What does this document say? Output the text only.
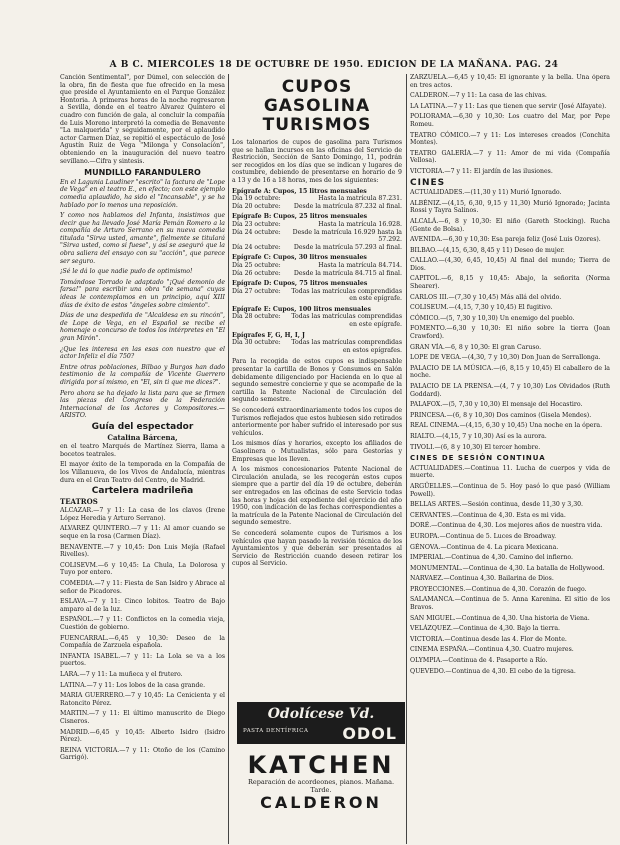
A B C. MIERCOLES 18 DE OCTUBRE DE 1950. EDICION DE LA MAÑANA. PAG. 24

Canción Sentimental", por Dúmel, con selección de la obra, fin de fiesta que fue ofrecido en la mesa que preside el Ayuntamiento en el Parque González Hontoria. A primeras horas de la noche regresaron a Sevilla, donde en el teatro Álvarez Quintero el cuadro con función de gala, al concluir la compañía de Luis Moreno interpretó la comedia de Benavente "La malquerida" y seguidamente, por el aplaudido actor Carmen Díaz, se repitió el espectáculo de José Agustín Ruiz de Vega "Milonga y Consolación", obteniendo en la inauguración del nuevo teatro sevillano.—Cifra y sintesis.

MUNDILLO FARANDULERO

En el Lagunia Laudiner "escrito" la factura de "Lope de Vega" en el teatro E., en efecto; con este ejemplo comedia aplaudido, ha sido el "Incansable", y se ha hablado por lo menos una reposición.

Y como nos hablamos del Infanta, insistimos que decir que ha llevado José María Pemán Romero a la compañía de Arturo Serrano en su nueva comedia titulada "Sirva usted, amante", fielmente se titulará "Sirva usted, como si fuese", y así se aseguró que la obra saliera del ensayo con su "acción", que parece ser seguro.

¡Sé le dá lo que nadie pudo de optimismo!

Tomándose Torrado le adaptado "¡Qué demonio de farsa!" para escribir una obra "de semana" cuyas ideas le contemplamos en un principio, aquí XIII días de éxito de estos "ángeles sobre cimiento".

Días de una despedida de "Alcaldesa en su rincón", de Lope de Vega, en el Español se recibe el homenaje o concurso de todos los intérpretes en "El gran Mirón".

¿Que les interesa en las esas con nuestro que el actor Infeliz el día 750?

Entre otras poblaciones, Bilbao y Burgos han dado testimonio de la compañía de Vicente Guerrero dirigida por sí mismo, en "El, sin ti que me dices?".

Pero ahora se ha dejado la lista para que se firmen las piezas del Congreso de la Federación Internacional de los Actores y Compositores.—ARISTO.

Guía del espectador
Catalina Bárcena,

en el teatro Marqués de Martínez Sierra, llama a bocetos teatrales.

El mayor éxito de la temporada en la Compañía de los Villanueva, de los Vivos de Andalucía, mientras dura en el Gran Teatro del Centro, de Madrid.

Cartelera madrileña
TEATROS

ALCAZAR.—7 y 11: La casa de los clavos (Irene López Heredia y Arturo Serrano).

ALVAREZ QUINTERO.—7 y 11: Al amor cuando se seque en la rosa (Carmen Díaz).

BENAVENTE.—7 y 10,45: Don Luis Mejía (Rafael Rivelles).

COLISEVM.—6 y 10,45: La Chula, La Dolorosa y Tuyo por entero.

COMEDIA.—7 y 11: Fiesta de San Isidro y Abrace al señor de Picadores.

ESLAVA.—7 y 11: Cinco lobitos. Teatro de Bajo amparo al de la luz.

ESPAÑOL.—7 y 11: Conflictos en la comedia vieja, Cuestión de gobierno.

FUENCARRAL.—6,45 y 10,30: Deseo de la Compañía de Zarzuela española.

INFANTA ISABEL.—7 y 11: La Lola se va a los puertos.

LARA.—7 y 11: La muñeca y el frutero.

LATINA.—7 y 11: Los lobos de la casa grande.

MARIA GUERRERO.—7 y 10,45: La Cenicienta y el Ratoncito Pérez.

MARTIN.—7 y 11: El último manuscrito de Diego Cisneros.

MADRID.—6,45 y 10,45: Alberto Isidro (Isidro Pérez).

REINA VICTORIA.—7 y 11: Otoño de los (Camino Garrigó).

CUPOS GASOLINA TURISMOS

Los talonarios de cupos de gasolina para Turismos que se hallan incursos en las oficinas del Servicio de Restricción, Sección de Santo Domingo, 11, podrán ser recogidos en los días que se indican y lugares de costumbre, debiendo de presentarse en horario de 9 a 13 y de 16 a 18 horas, mes de los siguientes:

Epígrafe A: Cupos, 15 litros mensuales
Día 19 octubre:	Hasta la matrícula 87.231.
Día 20 octubre: Desde la matrícula 87.232 al final.
Epígrafe B: Cupos, 25 litros mensuales
Día 23 octubre:	Hasta la matrícula 16.928.
Día 24 octubre:	Desde la matrícula 16.929 hasta la 57.292.
Día 24 octubre: Desde la matrícula 57.293 al final.
Epígrafe C: Cupos, 30 litros mensuales
Día 25 octubre:	Hasta la matrícula 84.714.
Día 26 octubre: Desde la matrícula 84.715 al final.
Epígrafe D: Cupos, 75 litros mensuales
Día 27 octubre:	Todas las matrículas comprendidas en este epígrafe.
Epígrafe E: Cupos, 100 litros mensuales
Día 28 octubre:	Todas las matrículas comprendidas en este epígrafe.
Epígrafes F, G, H, I, J
Día 30 octubre:	Todas las matrículas comprendidas en estos epígrafes.

Para la recogida de estos cupos es indispensable presentar la cartilla de Bonos y Consumos en Salón debidamente diligenciado por Hacienda en lo que al segundo semestre concierne y que se acompañe de la cartilla la Patente Nacional de Circulación del segundo semestre.

Se concederá extraordinariamente todos los cupos de Turismos reflejados que estos hubiesen sido retirados anteriormente por haber sufrido el interesado por sus vehículos.

Los mismos días y horarios, excepto los afiliados de Gasolinera o Mutualistas, sólo para Gestorías y Empresas que los lleven.

A los mismos concesionarios Patente Nacional de Circulación anulada, se les recogerán estos cupos siempre que a partir del día 19 de octubre, deberán ser entregados en las oficinas de este Servicio todas las horas y hojas del expediente del ejercicio del año 1950, con indicación de las fechas correspondientes a la matrícula de la Patente Nacional de Circulación del segundo semestre.

Se concederá solamente cupos de Turismos a los vehículos que hayan pasado la revisión técnica de los Ayuntamientos y que deberán ser presentados al Servicio de Restricción cuando deseen retirar los cupos al Servicio.

Odolícese Vd.
PASTA DENTÍFRICA ODOL
KATCHEN
Reparación de acordeones, pianos. Mañana. Tarde.
CALDERON

ZARZUELA.—6,45 y 10,45: El ignorante y la bella. Una ópera en tres actos.

CALDERON.—7 y 11: La casa de las chivas.

LA LATINA.—7 y 11: Las que tienen que servir (José Alfayate).

POLIORAMA.—6,30 y 10,30: Los cuatro del Mar, por Pepe Romeu.

TEATRO CÓMICO.—7 y 11: Los intereses creados (Conchita Montes).

TEATRO GALERÍA.—7 y 11: Amor de mi vida (Compañía Vellosa).

VICTORIA.—7 y 11: El jardín de las ilusiones.

CINES

ACTUALIDADES.—(11,30 y 11) Murió Ignorado.

ALBÉNIZ.—(4,15, 6,30, 9,15 y 11,30) Murió Ignorado; Jacinta Rossi y Tayra Salinos.

ALCALÁ.—6, 8 y 10,30: El niño (Gareth Stocking). Rucha (Gente de Bolsa).

AVENIDA.—6,30 y 10,30: Esa pareja feliz (José Luis Ozores).

BILBAO.—(4,15, 6,30, 8,45 y 11) Deseo de mujer.

CALLAO.—(4,30, 6,45, 10,45) Al final del mundo; Tierra de Dios.

CAPITOL.—6, 8,15 y 10,45: Abajo, la señorita (Norma Shearer).

CARLOS III.—(7,30 y 10,45) Más allá del olvido.

COLISEUM.—(4,15, 7,30 y 10,45) El fugitivo.

CÓMICO.—(5, 7,30 y 10,30) Un enemigo del pueblo.

FOMENTO.—6,30 y 10,30: El niño sobre la tierra (Joan Crawford).

GRAN VÍA.—6, 8 y 10,30: El gran Caruso.

LOPE DE VEGA.—(4,30, 7 y 10,30) Don Juan de Serrallonga.

PALACIO DE LA MÚSICA.—(6, 8,15 y 10,45) El caballero de la noche.

PALACIO DE LA PRENSA.—(4, 7 y 10,30) Los Olvidados (Ruth Goddard).

PALAFOX.—(5, 7,30 y 10,30) El mensaje del Hocastiro.

PRINCESA.—(6, 8 y 10,30) Dos caminos (Gisela Mendes).

REAL CINEMA.—(4,15, 6,30 y 10,45) Una noche en la ópera.

RIALTO.—(4,15, 7 y 10,30) Así es la aurora.

TIVOLI.—(6, 8 y 10,30) El tercer hombre.

CINES DE SESIÓN CONTINUA

ACTUALIDADES.—Continua 11. Lucha de cuerpos y vida de muerte.

ARGÜELLES.—Continua de 5. Hoy pasó lo que pasó (William Powell).

BELLAS ARTES.—Sesión continua, desde 11,30 y 3,30.

CERVANTES.—Continua de 4,30. Esta es mi vida.

DORÉ.—Continua de 4,30. Los mejores años de nuestra vida.

EUROPA.—Continua de 5. Luces de Broadway.

GÉNOVA.—Continua de 4. La picara Mexicana.

IMPERIAL.—Continua de 4,30. Camino del infierno.

MONUMENTAL.—Continua de 4,30. La batalla de Hollywood.

NARVAEZ.—Continua 4,30. Bailarina de Dios.

PROYECCIONES.—Continua de 4,30. Corazón de fuego.

SALAMANCA.—Continua de 5. Anna Karenina. El sitio de los Bravos.

SAN MIGUEL.—Continua de 4,30. Una historia de Viena.

VELÁZQUEZ.—Continua de 4,30. Bajo la tierra.

VICTORIA.—Continua desde las 4. Flor de Monte.

CINEMA ESPAÑA.—Continua 4,30. Cuatro mujeres.

OLYMPIA.—Continua de 4. Pasaporte a Río.

QUEVEDO.—Continua de 4,30. El cebo de la tigresa.
